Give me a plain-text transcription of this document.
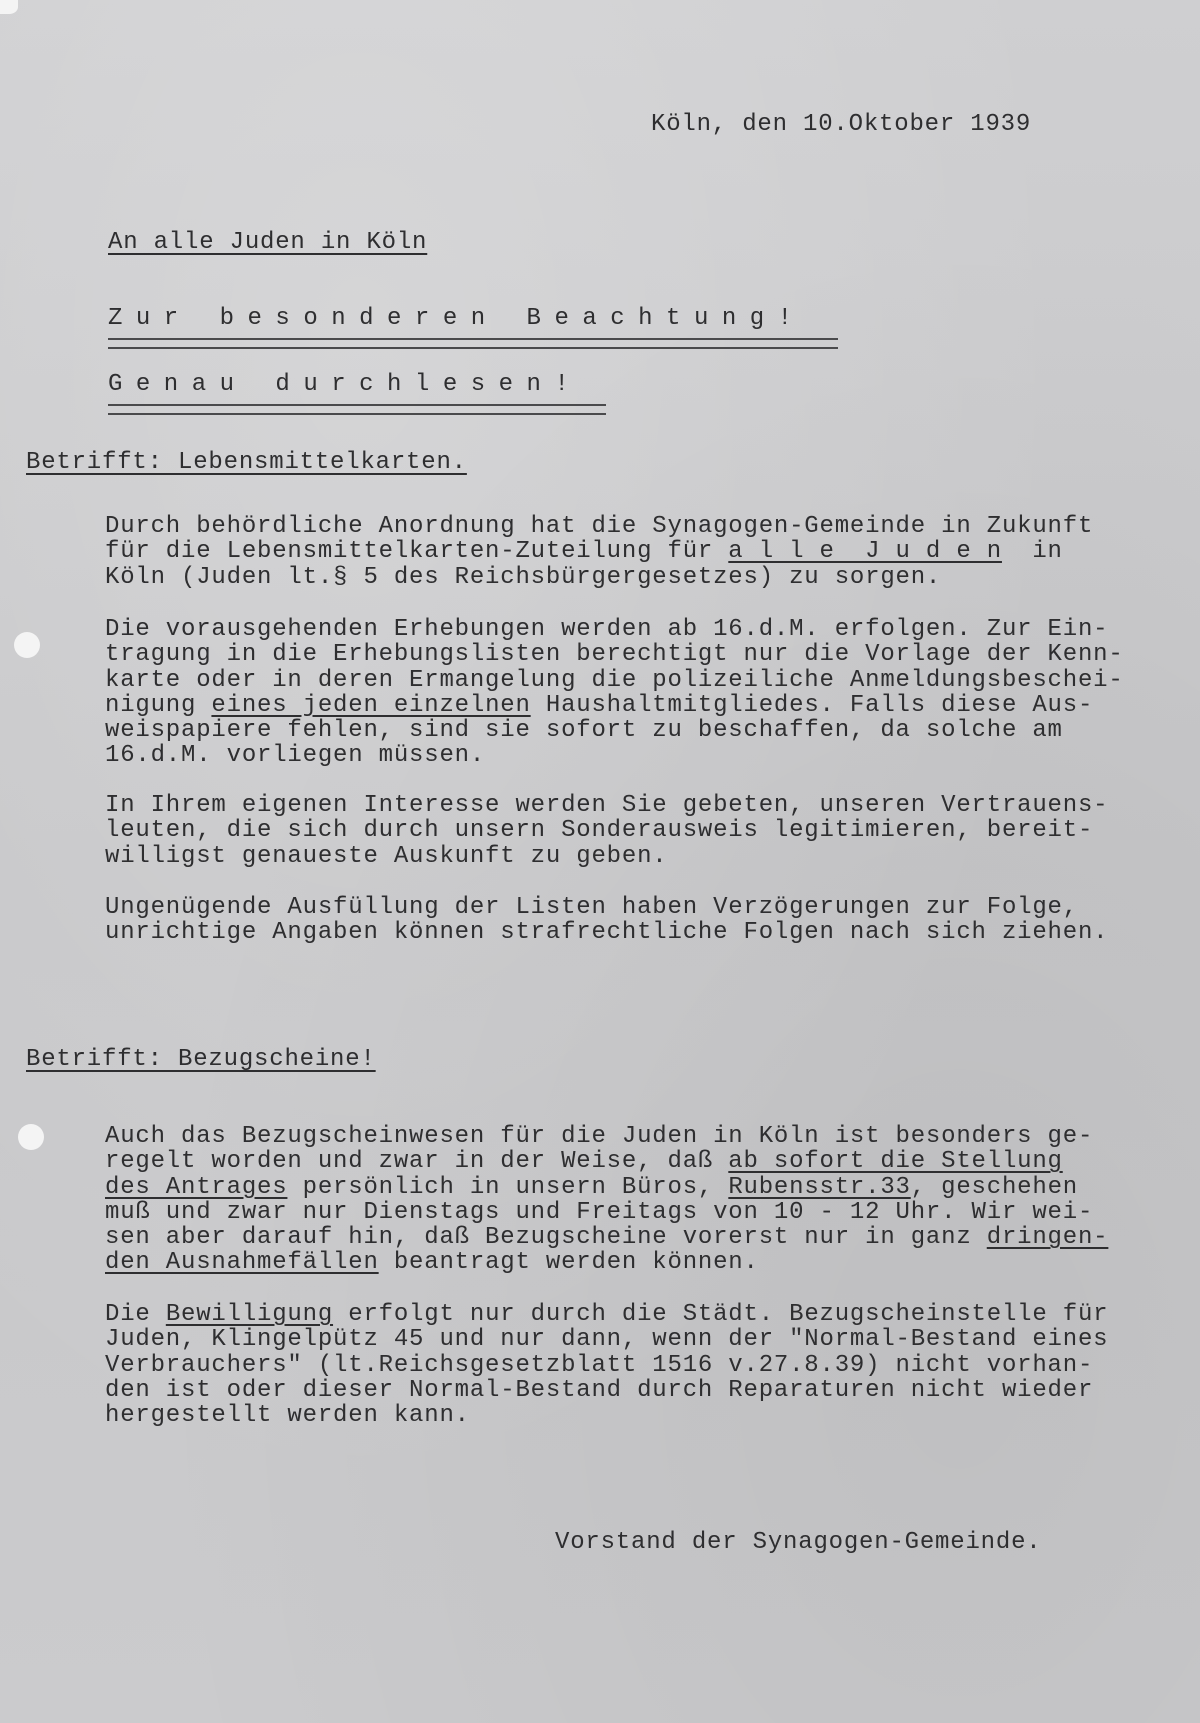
Köln, den 10.Oktober 1939
An alle Juden in Köln
Zur besonderen Beachtung!
Genau durchlesen!
Betrifft: Lebensmittelkarten.

Durch behördliche Anordnung hat die Synagogen-Gemeinde in Zukunft

für die Lebensmittelkarten-Zuteilung für a l l e  J u d e n  in

Köln (Juden lt.§ 5 des Reichsbürgergesetzes) zu sorgen.

Die vorausgehenden Erhebungen werden ab 16.d.M. erfolgen. Zur Ein-

tragung in die Erhebungslisten berechtigt nur die Vorlage der Kenn-

karte oder in deren Ermangelung die polizeiliche Anmeldungsbeschei-

nigung eines jeden einzelnen Haushaltmitgliedes. Falls diese Aus-

weispapiere fehlen, sind sie sofort zu beschaffen, da solche am

16.d.M. vorliegen müssen.

In Ihrem eigenen Interesse werden Sie gebeten, unseren Vertrauens-

leuten, die sich durch unsern Sonderausweis legitimieren, bereit-

willigst genaueste Auskunft zu geben.

Ungenügende Ausfüllung der Listen haben Verzögerungen zur Folge,

unrichtige Angaben können strafrechtliche Folgen nach sich ziehen.

Betrifft: Bezugscheine!

Auch das Bezugscheinwesen für die Juden in Köln ist besonders ge-

regelt worden und zwar in der Weise, daß ab sofort die Stellung

des Antrages persönlich in unsern Büros, Rubensstr.33, geschehen

muß und zwar nur Dienstags und Freitags von 10 - 12 Uhr. Wir wei-

sen aber darauf hin, daß Bezugscheine vorerst nur in ganz dringen-

den Ausnahmefällen beantragt werden können.

Die Bewilligung erfolgt nur durch die Städt. Bezugscheinstelle für

Juden, Klingelpütz 45 und nur dann, wenn der "Normal-Bestand eines

Verbrauchers" (lt.Reichsgesetzblatt 1516 v.27.8.39) nicht vorhan-

den ist oder dieser Normal-Bestand durch Reparaturen nicht wieder

hergestellt werden kann.

Vorstand der Synagogen-Gemeinde.
